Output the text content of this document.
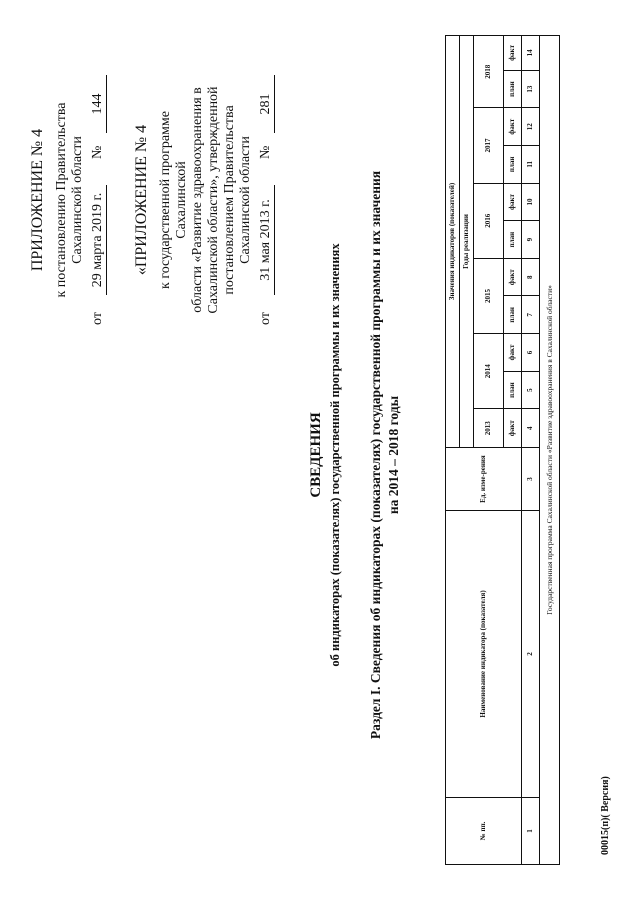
ПРИЛОЖЕНИЕ № 4 к постановлению Правительства Сахалинской области
от
29 марта 2019 г.
№
144
«ПРИЛОЖЕНИЕ № 4 к государственной программе Сахалинской области «Развитие здравоохранения в Сахалинской области», утвержденной постановлением Правительства Сахалинской области
от
31 мая 2013 г.
№
281
СВЕДЕНИЯ об индикаторах (показателях) государственной программы и их значениях Раздел I. Сведения об индикаторах (показателях) государственной программы и их значения на 2014 – 2018 годы
№ пп.	Наименование индикатора (показателя)	Ед. изме-рения	Значения индикаторов (показателей)										
			Годы реализации										
			2013	2014		2015		2016		2017		2018	
			факт	план	факт	план	факт	план	факт	план	факт	план	факт
1	2	3	4	5	6	7	8	9	10	11	12	13	14
Государственная программа Сахалинской области «Развитие здравоохранения в Сахалинской области»													
00015(п)( Версия)
